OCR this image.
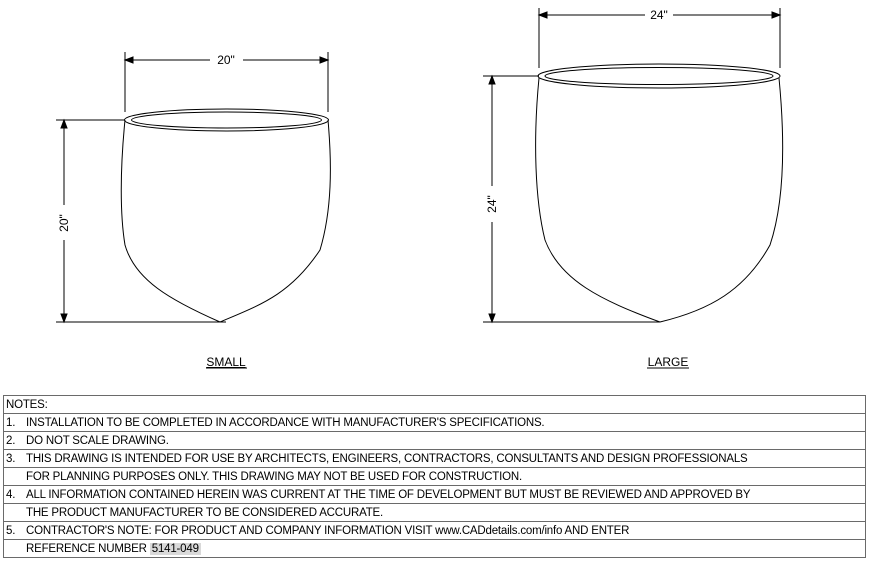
20"
20"
SMALL
24"
24"
LARGE
NOTES:
1. INSTALLATION TO BE COMPLETED IN ACCORDANCE WITH MANUFACTURER'S SPECIFICATIONS.
2. DO NOT SCALE DRAWING.
3. THIS DRAWING IS INTENDED FOR USE BY ARCHITECTS, ENGINEERS, CONTRACTORS, CONSULTANTS AND DESIGN PROFESSIONALS
FOR PLANNING PURPOSES ONLY. THIS DRAWING MAY NOT BE USED FOR CONSTRUCTION.
4. ALL INFORMATION CONTAINED HEREIN WAS CURRENT AT THE TIME OF DEVELOPMENT BUT MUST BE REVIEWED AND APPROVED BY
THE PRODUCT MANUFACTURER TO BE CONSIDERED ACCURATE.
5. CONTRACTOR'S NOTE: FOR PRODUCT AND COMPANY INFORMATION VISIT www.CADdetails.com/info AND ENTER
REFERENCE NUMBER 5141-049
